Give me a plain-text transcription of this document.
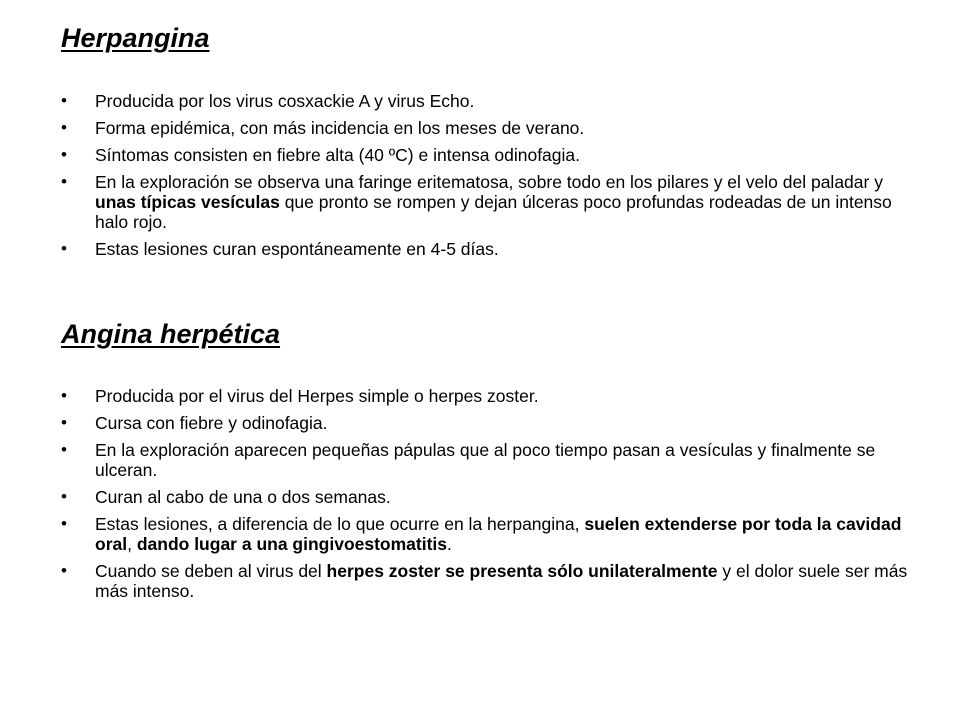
Herpangina
• Producida por los virus cosxackie A y virus Echo.
• Forma epidémica, con más incidencia en los meses de verano.
• Síntomas consisten en fiebre alta (40 ºC) e intensa odinofagia.
• En la exploración se observa una faringe eritematosa, sobre todo en los pilares y el velo del paladar y unas típicas vesículas que pronto se rompen y dejan úlceras poco profundas rodeadas de un intenso halo rojo.
• Estas lesiones curan espontáneamente en 4-5 días.
Angina herpética
• Producida por el virus del Herpes simple o herpes zoster.
• Cursa con fiebre y odinofagia.
• En la exploración aparecen pequeñas pápulas que al poco tiempo pasan a vesículas y finalmente se ulceran.
• Curan al cabo de una o dos semanas.
• Estas lesiones, a diferencia de lo que ocurre en la herpangina, suelen extenderse por toda la cavidad oral, dando lugar a una gingivoestomatitis.
• Cuando se deben al virus del herpes zoster se presenta sólo unilateralmente y el dolor suele ser más más intenso.
